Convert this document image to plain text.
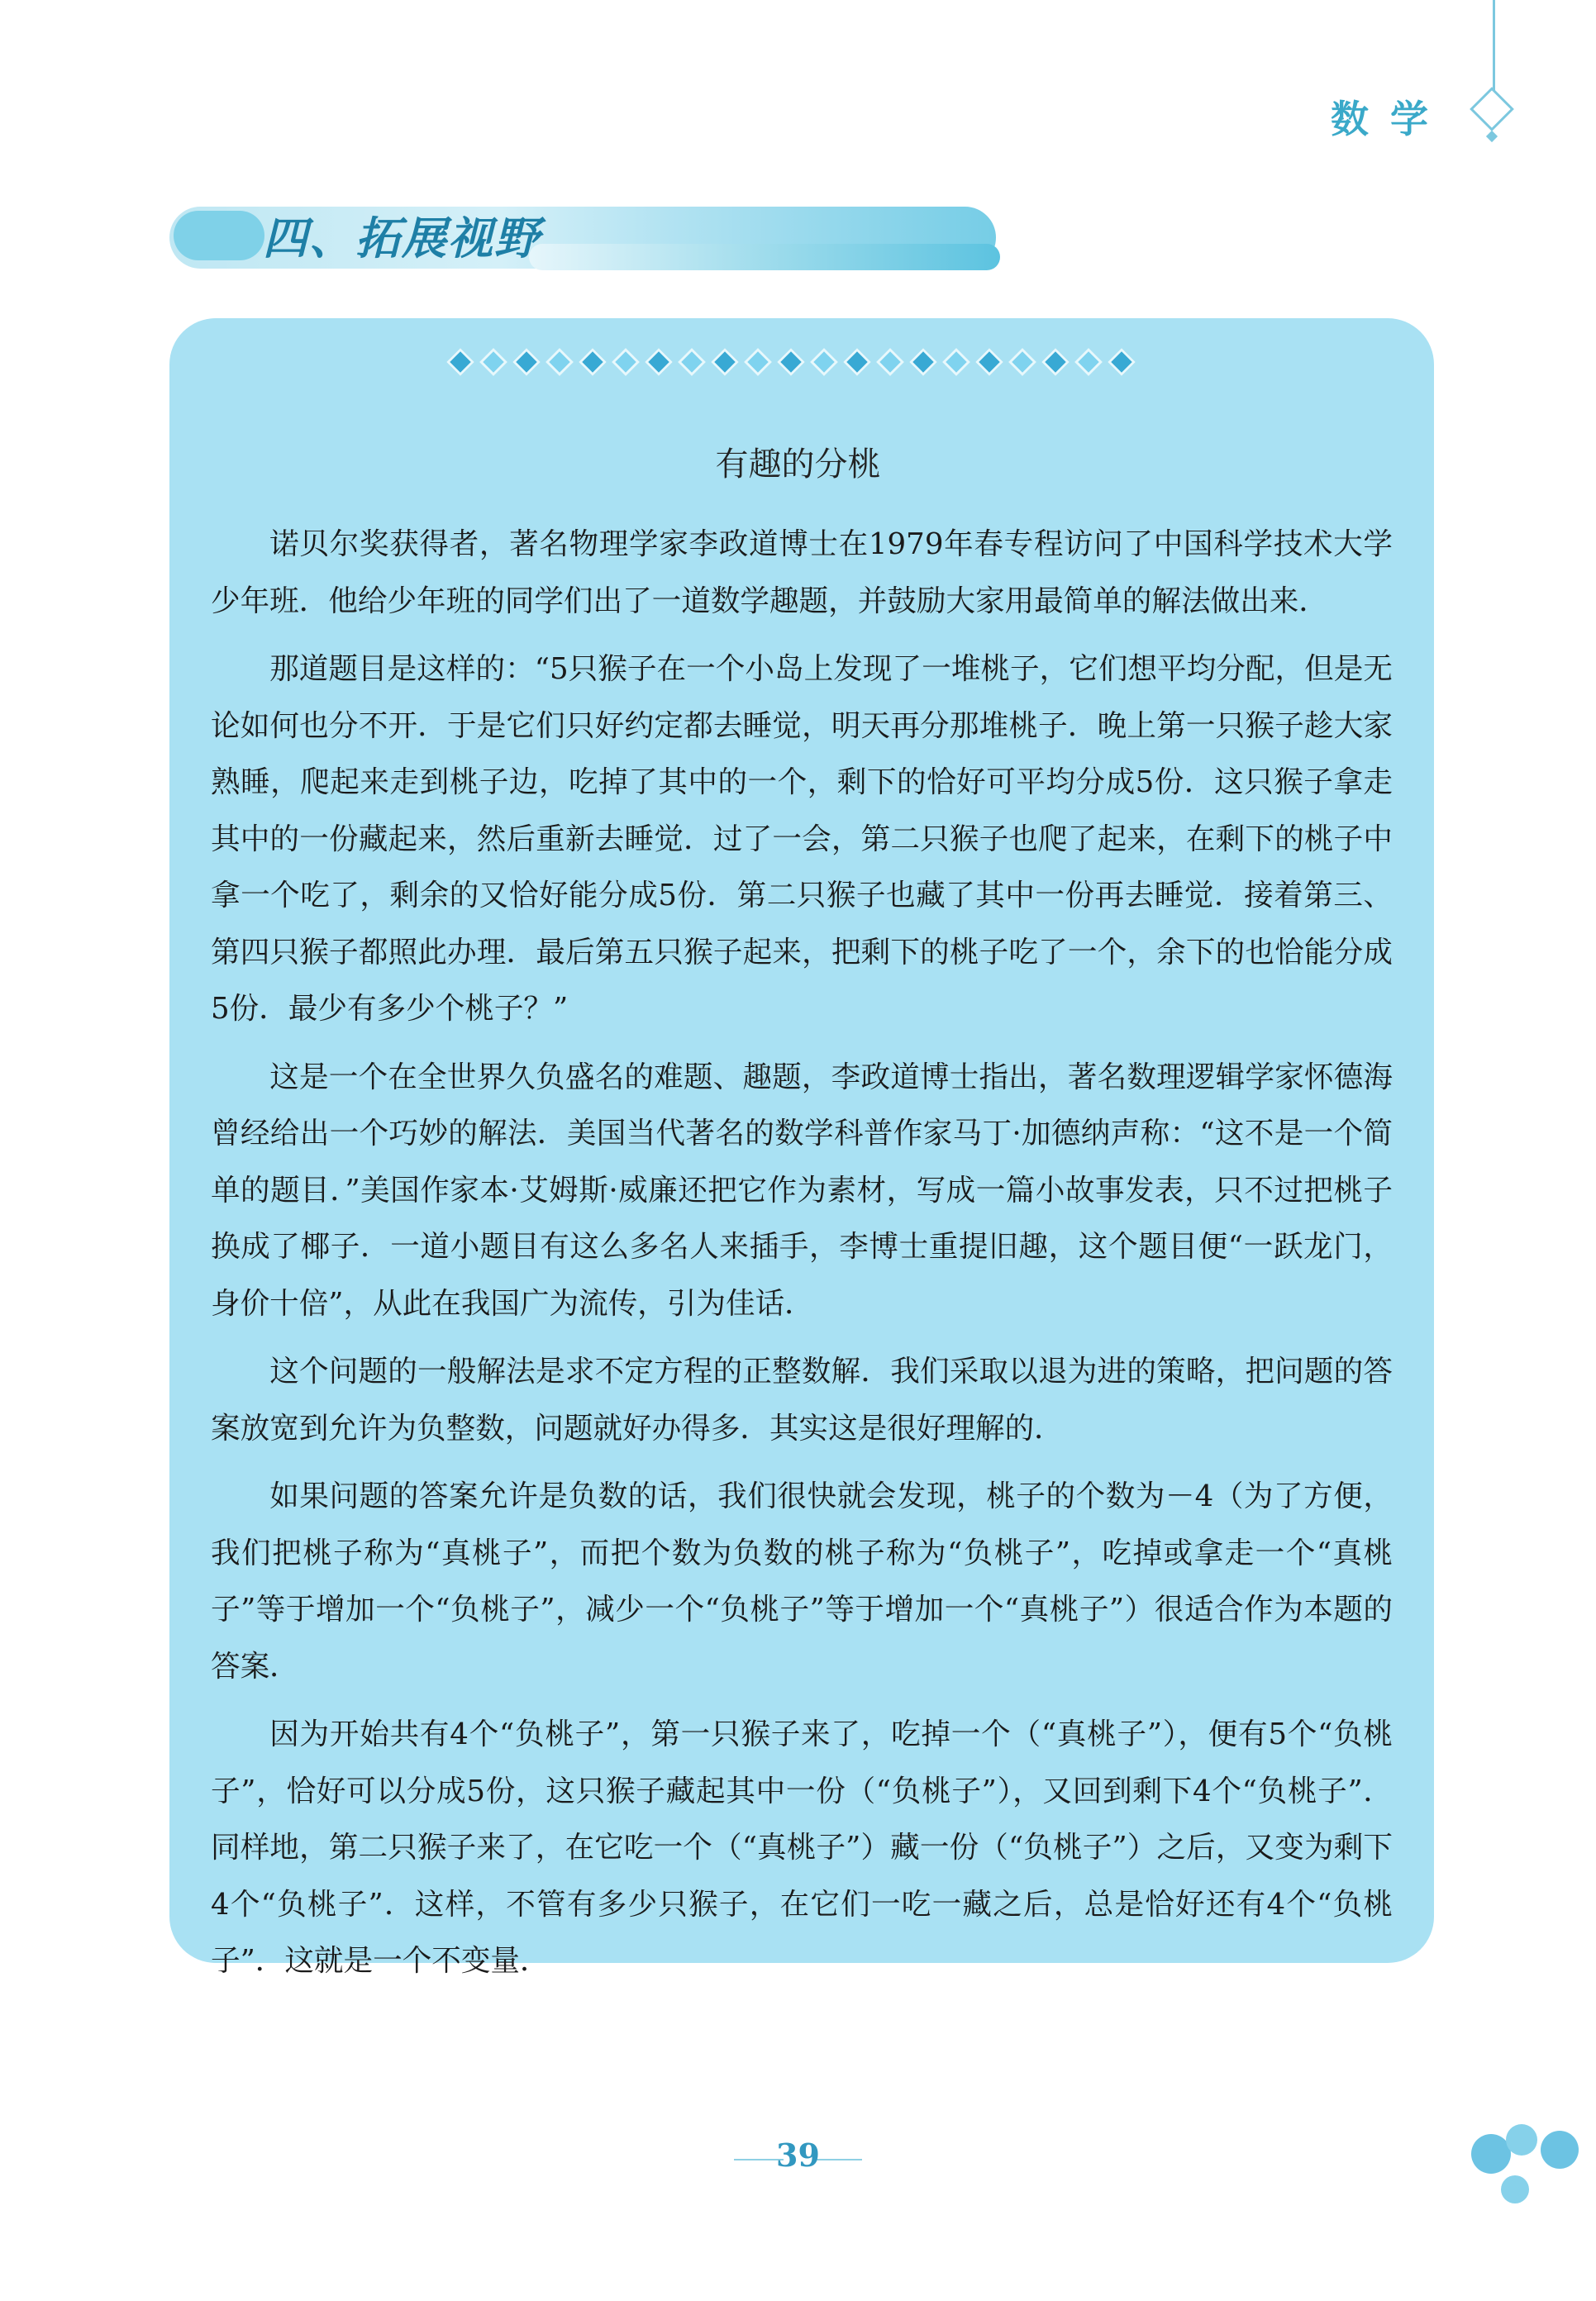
数学
四、拓展视野
有趣的分桃

诺贝尔奖获得者，著名物理学家李政道博士在1979年春专程访问了中国科学技术大学少年班．他给少年班的同学们出了一道数学趣题，并鼓励大家用最简单的解法做出来．

那道题目是这样的：“5只猴子在一个小岛上发现了一堆桃子，它们想平均分配，但是无论如何也分不开．于是它们只好约定都去睡觉，明天再分那堆桃子．晚上第一只猴子趁大家熟睡，爬起来走到桃子边，吃掉了其中的一个，剩下的恰好可平均分成5份．这只猴子拿走其中的一份藏起来，然后重新去睡觉．过了一会，第二只猴子也爬了起来，在剩下的桃子中拿一个吃了，剩余的又恰好能分成5份．第二只猴子也藏了其中一份再去睡觉．接着第三、第四只猴子都照此办理．最后第五只猴子起来，把剩下的桃子吃了一个，余下的也恰能分成5份．最少有多少个桃子？”

这是一个在全世界久负盛名的难题、趣题，李政道博士指出，著名数理逻辑学家怀德海曾经给出一个巧妙的解法．美国当代著名的数学科普作家马丁·加德纳声称：“这不是一个简单的题目．”美国作家本·艾姆斯·威廉还把它作为素材，写成一篇小故事发表，只不过把桃子换成了椰子．一道小题目有这么多名人来插手，李博士重提旧趣，这个题目便“一跃龙门，身价十倍”，从此在我国广为流传，引为佳话．

这个问题的一般解法是求不定方程的正整数解．我们采取以退为进的策略，把问题的答案放宽到允许为负整数，问题就好办得多．其实这是很好理解的．

如果问题的答案允许是负数的话，我们很快就会发现，桃子的个数为－4（为了方便，我们把桃子称为“真桃子”，而把个数为负数的桃子称为“负桃子”，吃掉或拿走一个“真桃子”等于增加一个“负桃子”，减少一个“负桃子”等于增加一个“真桃子”）很适合作为本题的答案．

因为开始共有4个“负桃子”，第一只猴子来了，吃掉一个（“真桃子”），便有5个“负桃子”，恰好可以分成5份，这只猴子藏起其中一份（“负桃子”），又回到剩下4个“负桃子”．同样地，第二只猴子来了，在它吃一个（“真桃子”）藏一份（“负桃子”）之后，又变为剩下4个“负桃子”．这样，不管有多少只猴子，在它们一吃一藏之后，总是恰好还有4个“负桃子”．这就是一个不变量．

39
